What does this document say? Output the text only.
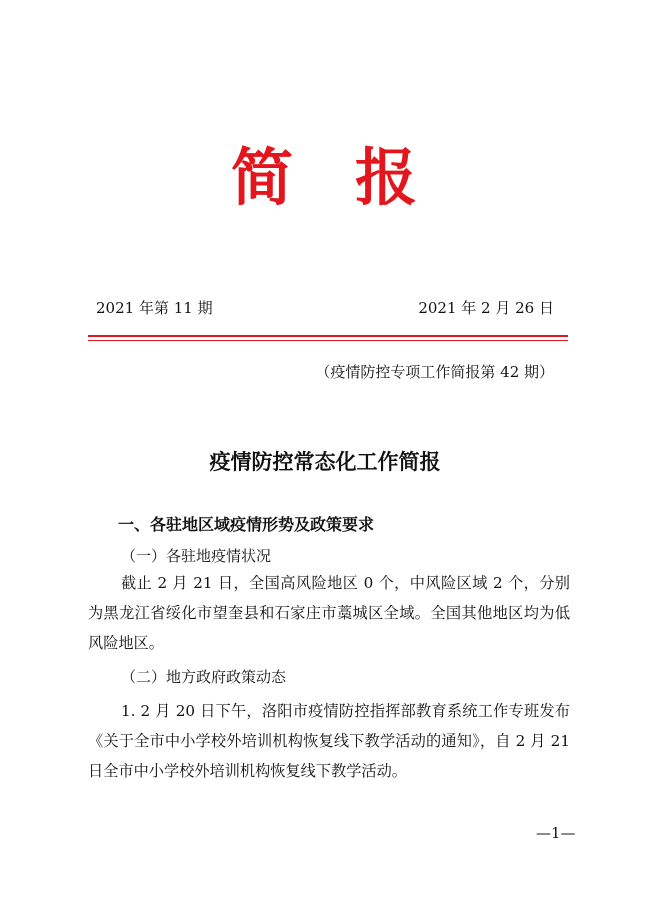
简 报
2021 年第 11 期	2021 年 2 月 26 日
（疫情防控专项工作简报第 42 期）
疫情防控常态化工作简报
一、各驻地区域疫情形势及政策要求
（一）各驻地疫情状况
截止 2 月 21 日，全国高风险地区 0 个，中风险区域 2 个，分别为黑龙江省绥化市望奎县和石家庄市藁城区全域。全国其他地区均为低风险地区。
（二）地方政府政策动态
1. 2 月 20 日下午，洛阳市疫情防控指挥部教育系统工作专班发布《关于全市中小学校外培训机构恢复线下教学活动的通知》，自 2 月 21 日全市中小学校外培训机构恢复线下教学活动。
—1—
